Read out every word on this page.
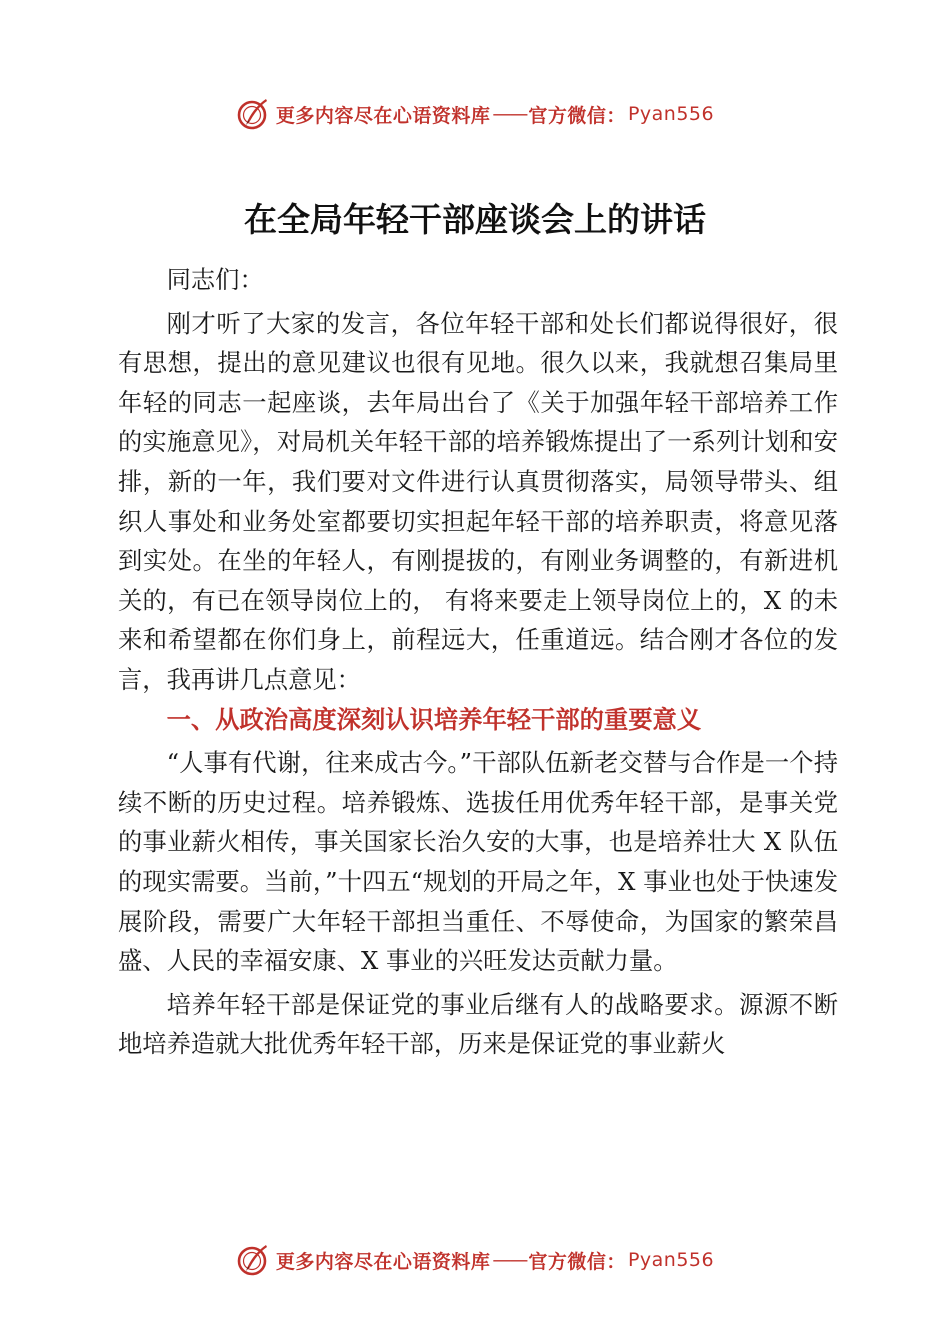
更多内容尽在心语资料库 —— 官方微信： Pyan556
在全局年轻干部座谈会上的讲话

同志们：

刚才听了大家的发言，各位年轻干部和处长们都说得很好，很有思想，提出的意见建议也很有见地。很久以来，我就想召集局里年轻的同志一起座谈，去年局出台了《关于加强年轻干部培养工作的实施意见》，对局机关年轻干部的培养锻炼提出了一系列计划和安排，新的一年，我们要对文件进行认真贯彻落实，局领导带头、组织人事处和业务处室都要切实担起年轻干部的培养职责，将意见落到实处。在坐的年轻人，有刚提拔的，有刚业务调整的，有新进机关的，有已在领导岗位上的， 有将来要走上领导岗位上的，X 的未来和希望都在你们身上，前程远大，任重道远。结合刚才各位的发言，我再讲几点意见：

一、从政治高度深刻认识培养年轻干部的重要意义

“人事有代谢，往来成古今。”干部队伍新老交替与合作是一个持续不断的历史过程。培养锻炼、选拔任用优秀年轻干部，是事关党的事业薪火相传，事关国家长治久安的大事，也是培养壮大 X 队伍的现实需要。当前，”十四五“规划的开局之年，X 事业也处于快速发展阶段，需要广大年轻干部担当重任、不辱使命，为国家的繁荣昌盛、人民的幸福安康、X 事业的兴旺发达贡献力量。

培养年轻干部是保证党的事业后继有人的战略要求。源源不断地培养造就大批优秀年轻干部，历来是保证党的事业薪火

更多内容尽在心语资料库 —— 官方微信： Pyan556
